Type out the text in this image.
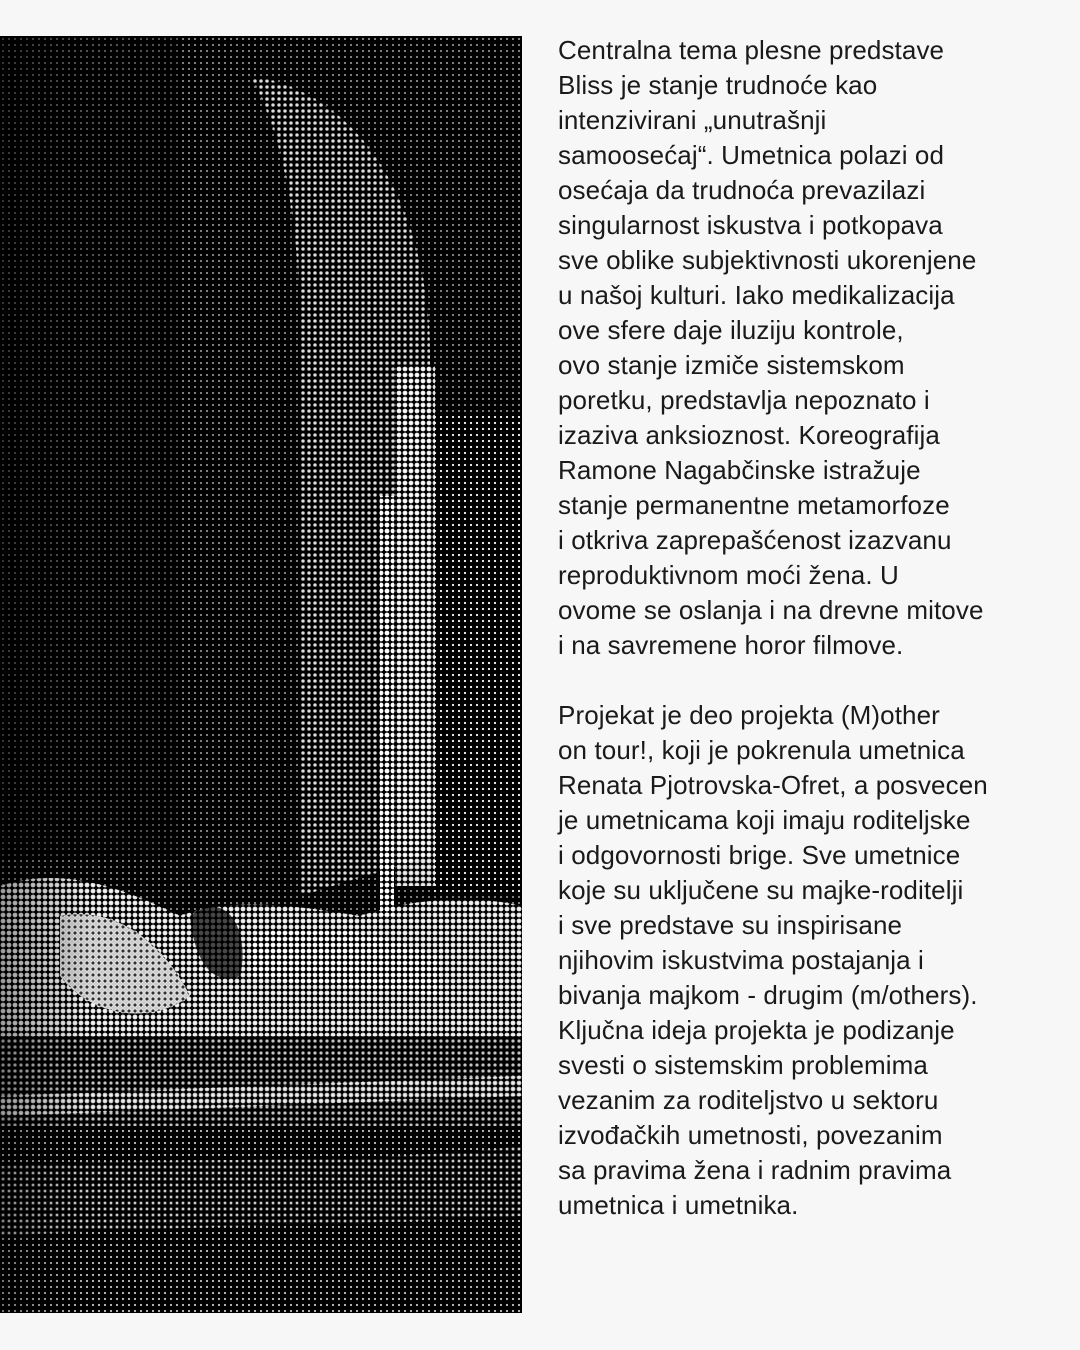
Centralna tema plesne predstave
Bliss je stanje trudnoće kao
intenzivirani „unutrašnji
samoosećaj“. Umetnica polazi od
osećaja da trudnoća prevazilazi
singularnost iskustva i potkopava
sve oblike subjektivnosti ukorenjene
u našoj kulturi. Iako medikalizacija
ove sfere daje iluziju kontrole,
ovo stanje izmiče sistemskom
poretku, predstavlja nepoznato i
izaziva anksioznost. Koreografija
Ramone Nagabčinske istražuje
stanje permanentne metamorfoze
i otkriva zaprepašćenost izazvanu
reproduktivnom moći žena. U
ovome se oslanja i na drevne mitove
i na savremene horor filmove.

Projekat je deo projekta (M)other
on tour!, koji je pokrenula umetnica
Renata Pjotrovska-Ofret, a posvecen
je umetnicama koji imaju roditeljske
i odgovornosti brige. Sve umetnice
koje su uključene su majke-roditelji
i sve predstave su inspirisane
njihovim iskustvima postajanja i
bivanja majkom - drugim (m/others).
Ključna ideja projekta je podizanje
svesti o sistemskim problemima
vezanim za roditeljstvo u sektoru
izvođačkih umetnosti, povezanim
sa pravima žena i radnim pravima
umetnica i umetnika.
